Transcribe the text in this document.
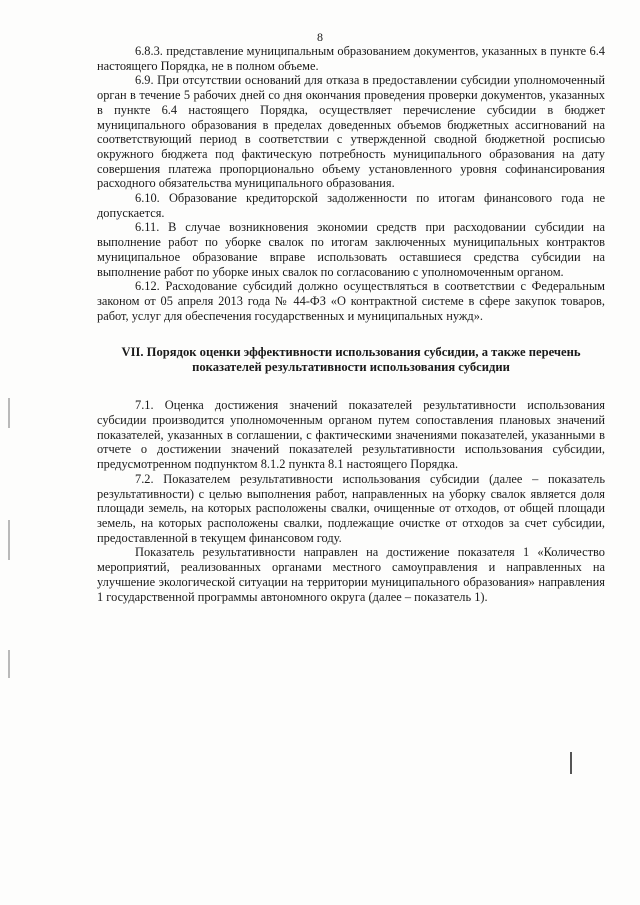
8

6.8.3. представление муниципальным образованием документов, указанных в пункте 6.4 настоящего Порядка, не в полном объеме.

6.9. При отсутствии оснований для отказа в предоставлении субсидии уполномоченный орган в течение 5 рабочих дней со дня окончания проведения проверки документов, указанных в пункте 6.4 настоящего Порядка, осуществляет перечисление субсидии в бюджет муниципального образования в пределах доведенных объемов бюджетных ассигнований на соответствующий период в соответствии с утвержденной сводной бюджетной росписью окружного бюджета под фактическую потребность муниципального образования на дату совершения платежа пропорционально объему установленного уровня софинансирования расходного обязательства муниципального образования.

6.10. Образование кредиторской задолженности по итогам финансового года не допускается.

6.11. В случае возникновения экономии средств при расходовании субсидии на выполнение работ по уборке свалок по итогам заключенных муниципальных контрактов муниципальное образование вправе использовать оставшиеся средства субсидии на выполнение работ по уборке иных свалок по согласованию с уполномоченным органом.

6.12. Расходование субсидий должно осуществляться в соответствии с Федеральным законом от 05 апреля 2013 года № 44-ФЗ «О контрактной системе в сфере закупок товаров, работ, услуг для обеспечения государственных и муниципальных нужд».

VII. Порядок оценки эффективности использования субсидии, а также перечень показателей результативности использования субсидии

7.1. Оценка достижения значений показателей результативности использования субсидии производится уполномоченным органом путем сопоставления плановых значений показателей, указанных в соглашении, с фактическими значениями показателей, указанными в отчете о достижении значений показателей результативности использования субсидии, предусмотренном подпунктом 8.1.2 пункта 8.1 настоящего Порядка.

7.2. Показателем результативности использования субсидии (далее – показатель результативности) с целью выполнения работ, направленных на уборку свалок является доля площади земель, на которых расположены свалки, очищенные от отходов, от общей площади земель, на которых расположены свалки, подлежащие очистке от отходов за счет субсидии, предоставленной в текущем финансовом году.

Показатель результативности направлен на достижение показателя 1 «Количество мероприятий, реализованных органами местного самоуправления и направленных на улучшение экологической ситуации на территории муниципального образования» направления 1 государственной программы автономного округа (далее – показатель 1).
